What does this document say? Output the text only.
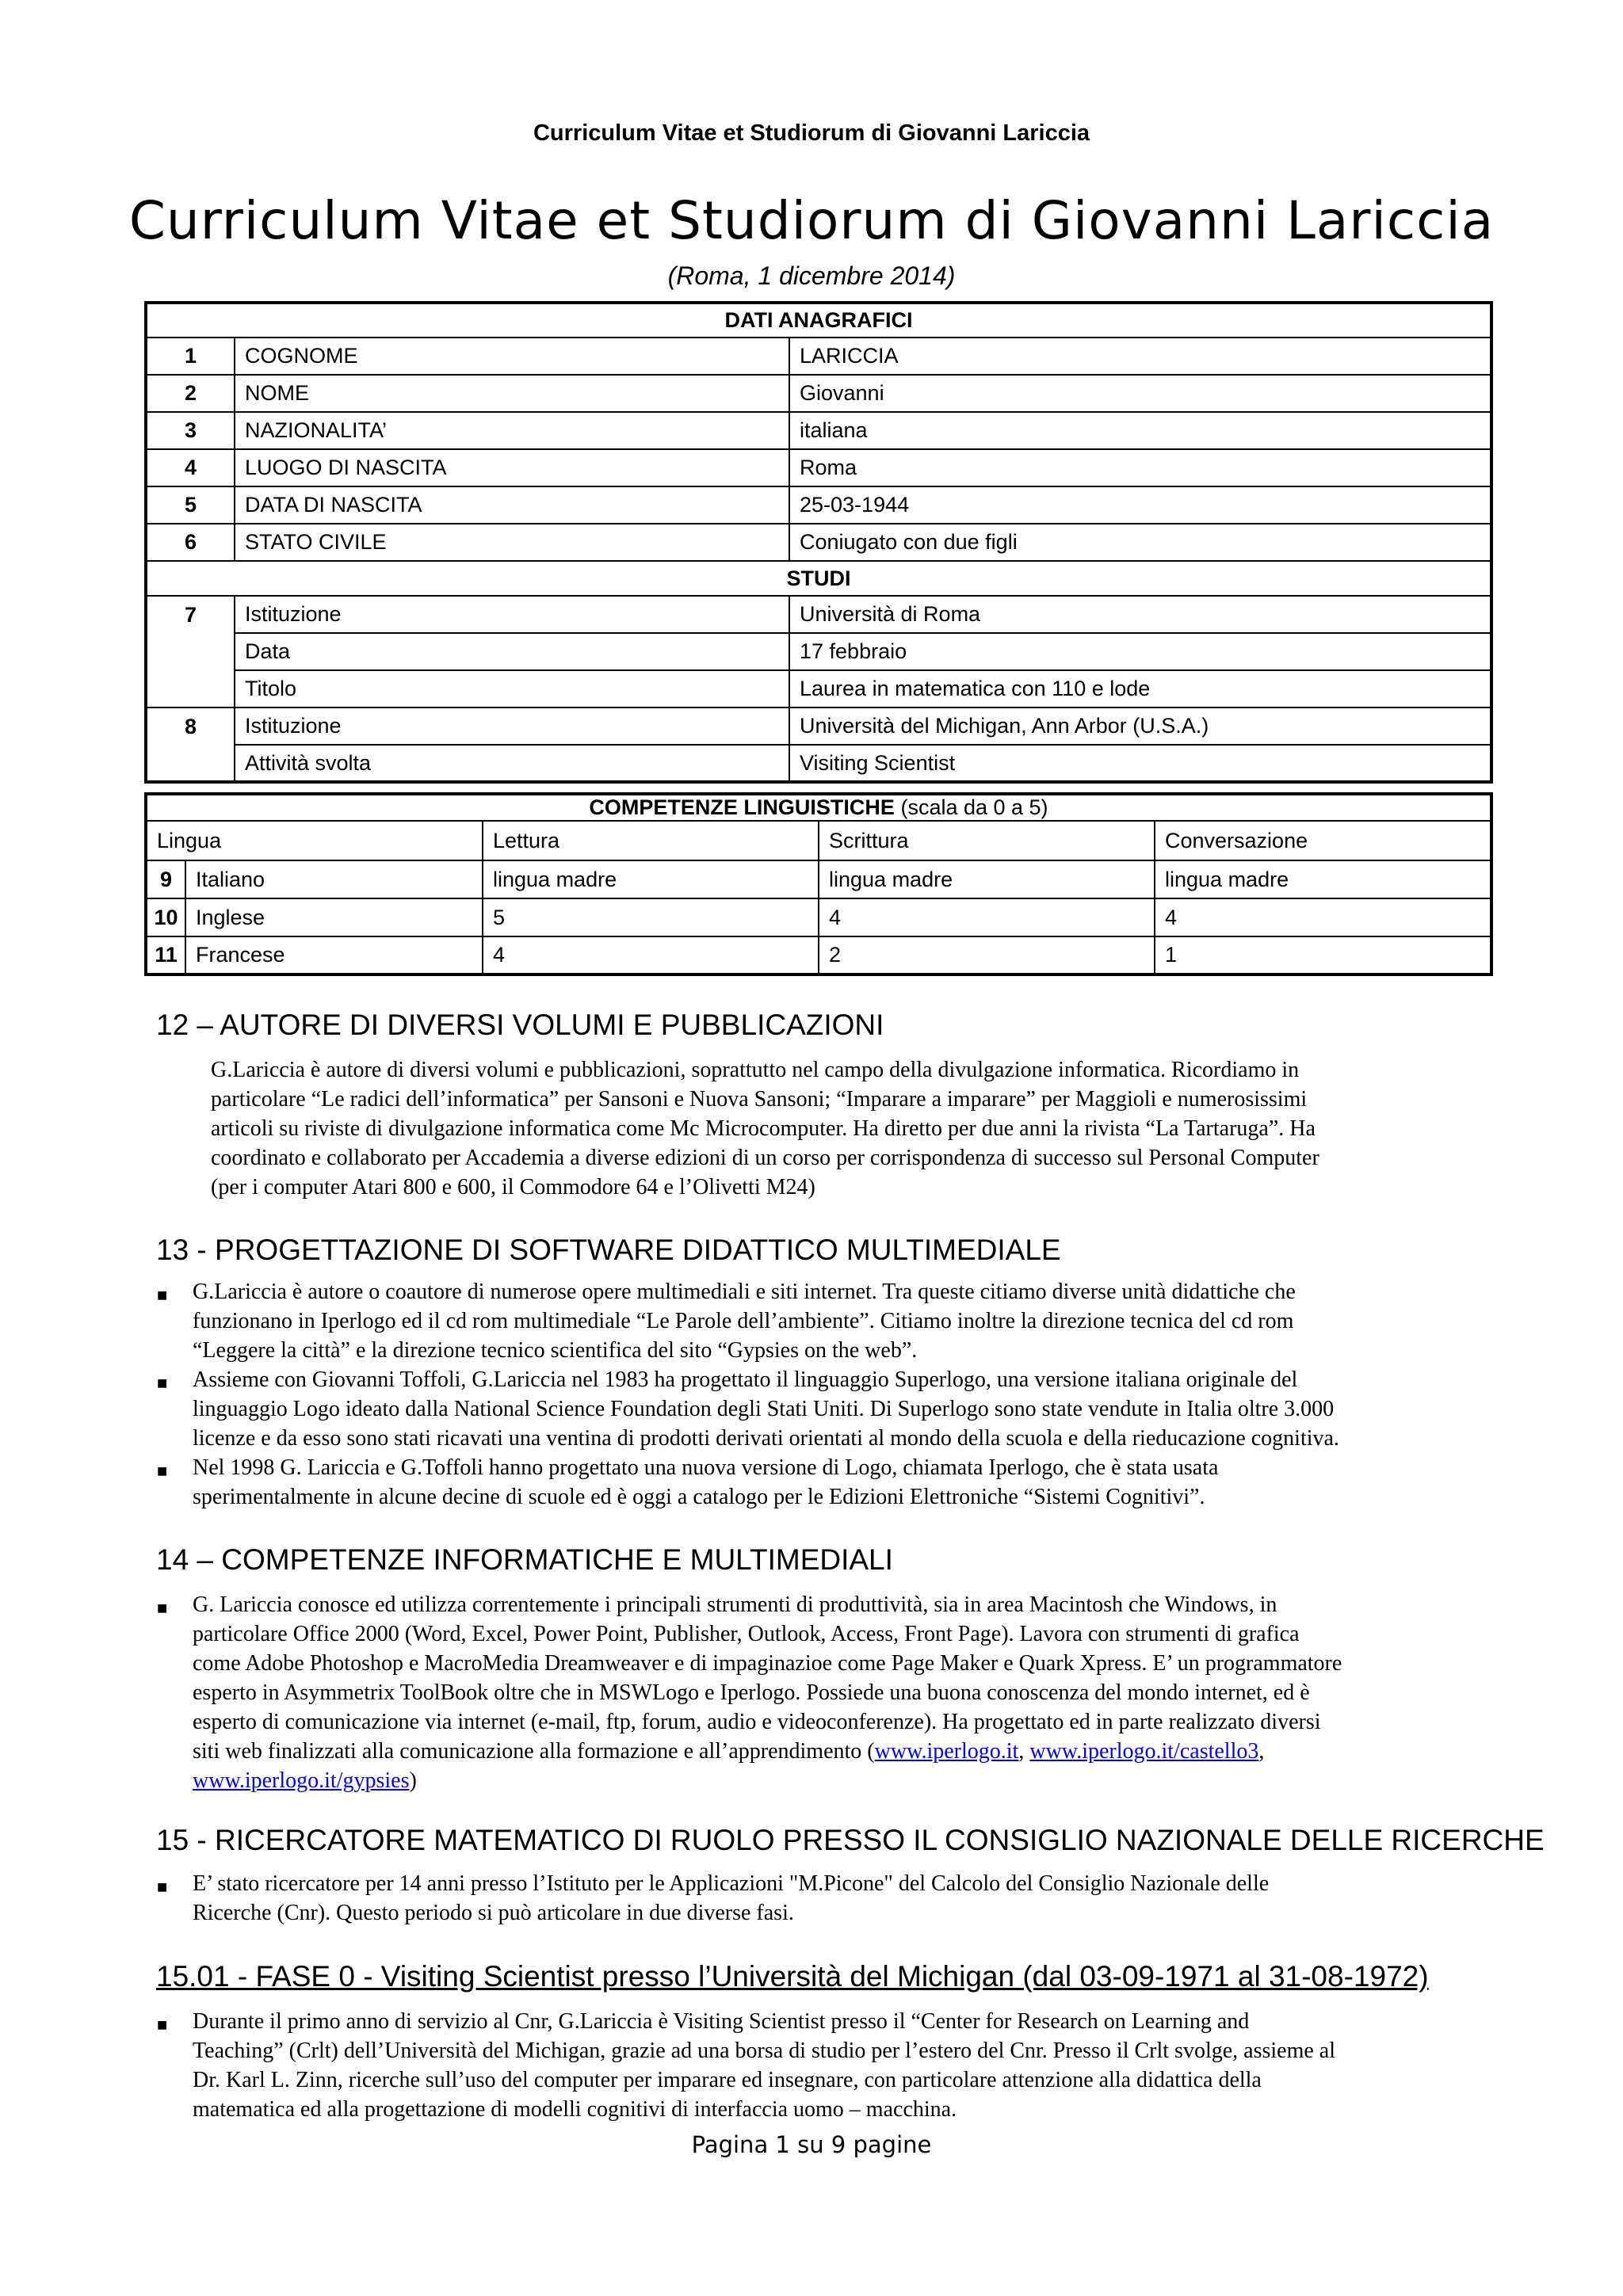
Curriculum Vitae et Studiorum di Giovanni Lariccia
Curriculum Vitae et Studiorum di Giovanni Lariccia
(Roma, 1 dicembre 2014)
DATI ANAGRAFICI		
1	COGNOME	LARICCIA
2	NOME	Giovanni
3	NAZIONALITA’	italiana
4	LUOGO DI NASCITA	Roma
5	DATA DI NASCITA	25-03-1944
6	STATO CIVILE	Coniugato con due figli
STUDI		
7	Istituzione	Università di Roma
	Data	17 febbraio
	Titolo	Laurea in matematica con 110 e lode
8	Istituzione	Università del Michigan, Ann Arbor (U.S.A.)
	Attività svolta	Visiting Scientist
COMPETENZE LINGUISTICHE (scala da 0 a 5)				
Lingua		Lettura	Scrittura	Conversazione
9	Italiano	lingua madre	lingua madre	lingua madre
10	Inglese	5	4	4
11	Francese	4	2	1
12 – AUTORE DI DIVERSI VOLUMI E PUBBLICAZIONI
G.Lariccia è autore di diversi volumi e pubblicazioni, soprattutto nel campo della divulgazione informatica. Ricordiamo in
particolare “Le radici dell’informatica” per Sansoni e Nuova Sansoni; “Imparare a imparare” per Maggioli e numerosissimi
articoli su riviste di divulgazione informatica come Mc Microcomputer. Ha diretto per due anni la rivista “La Tartaruga”. Ha
coordinato e collaborato per Accademia a diverse edizioni di un corso per corrispondenza di successo sul Personal Computer
(per i computer Atari 800 e 600, il Commodore 64 e l’Olivetti M24)
13 - PROGETTAZIONE DI SOFTWARE DIDATTICO MULTIMEDIALE
■ G.Lariccia è autore o coautore di numerose opere multimediali e siti internet. Tra queste citiamo diverse unità didattiche che
funzionano in Iperlogo ed il cd rom multimediale “Le Parole dell’ambiente”. Citiamo inoltre la direzione tecnica del cd rom
“Leggere la città” e la direzione tecnico scientifica del sito “Gypsies on the web”.
■ Assieme con Giovanni Toffoli, G.Lariccia nel 1983 ha progettato il linguaggio Superlogo, una versione italiana originale del
linguaggio Logo ideato dalla National Science Foundation degli Stati Uniti. Di Superlogo sono state vendute in Italia oltre 3.000
licenze e da esso sono stati ricavati una ventina di prodotti derivati orientati al mondo della scuola e della rieducazione cognitiva.
■ Nel 1998 G. Lariccia e G.Toffoli hanno progettato una nuova versione di Logo, chiamata Iperlogo, che è stata usata
sperimentalmente in alcune decine di scuole ed è oggi a catalogo per le Edizioni Elettroniche “Sistemi Cognitivi”.
14 – COMPETENZE INFORMATICHE E MULTIMEDIALI
■ G. Lariccia conosce ed utilizza correntemente i principali strumenti di produttività, sia in area Macintosh che Windows, in
particolare Office 2000 (Word, Excel, Power Point, Publisher, Outlook, Access, Front Page). Lavora con strumenti di grafica
come Adobe Photoshop e MacroMedia Dreamweaver e di impaginazioe come Page Maker e Quark Xpress. E’ un programmatore
esperto in Asymmetrix ToolBook oltre che in MSWLogo e Iperlogo. Possiede una buona conoscenza del mondo internet, ed è
esperto di comunicazione via internet (e-mail, ftp, forum, audio e videoconferenze). Ha progettato ed in parte realizzato diversi
siti web finalizzati alla comunicazione alla formazione e all’apprendimento (www.iperlogo.it, www.iperlogo.it/castello3,
www.iperlogo.it/gypsies)
15 - RICERCATORE MATEMATICO DI RUOLO PRESSO IL CONSIGLIO NAZIONALE DELLE RICERCHE
■ E’ stato ricercatore per 14 anni presso l’Istituto per le Applicazioni "M.Picone" del Calcolo del Consiglio Nazionale delle
Ricerche (Cnr). Questo periodo si può articolare in due diverse fasi.
15.01 - FASE 0 - Visiting Scientist presso l’Università del Michigan (dal 03-09-1971 al 31-08-1972)
■ Durante il primo anno di servizio al Cnr, G.Lariccia è Visiting Scientist presso il “Center for Research on Learning and
Teaching” (Crlt) dell’Università del Michigan, grazie ad una borsa di studio per l’estero del Cnr. Presso il Crlt svolge, assieme al
Dr. Karl L. Zinn, ricerche sull’uso del computer per imparare ed insegnare, con particolare attenzione alla didattica della
matematica ed alla progettazione di modelli cognitivi di interfaccia uomo – macchina.
Pagina 1 su 9 pagine
